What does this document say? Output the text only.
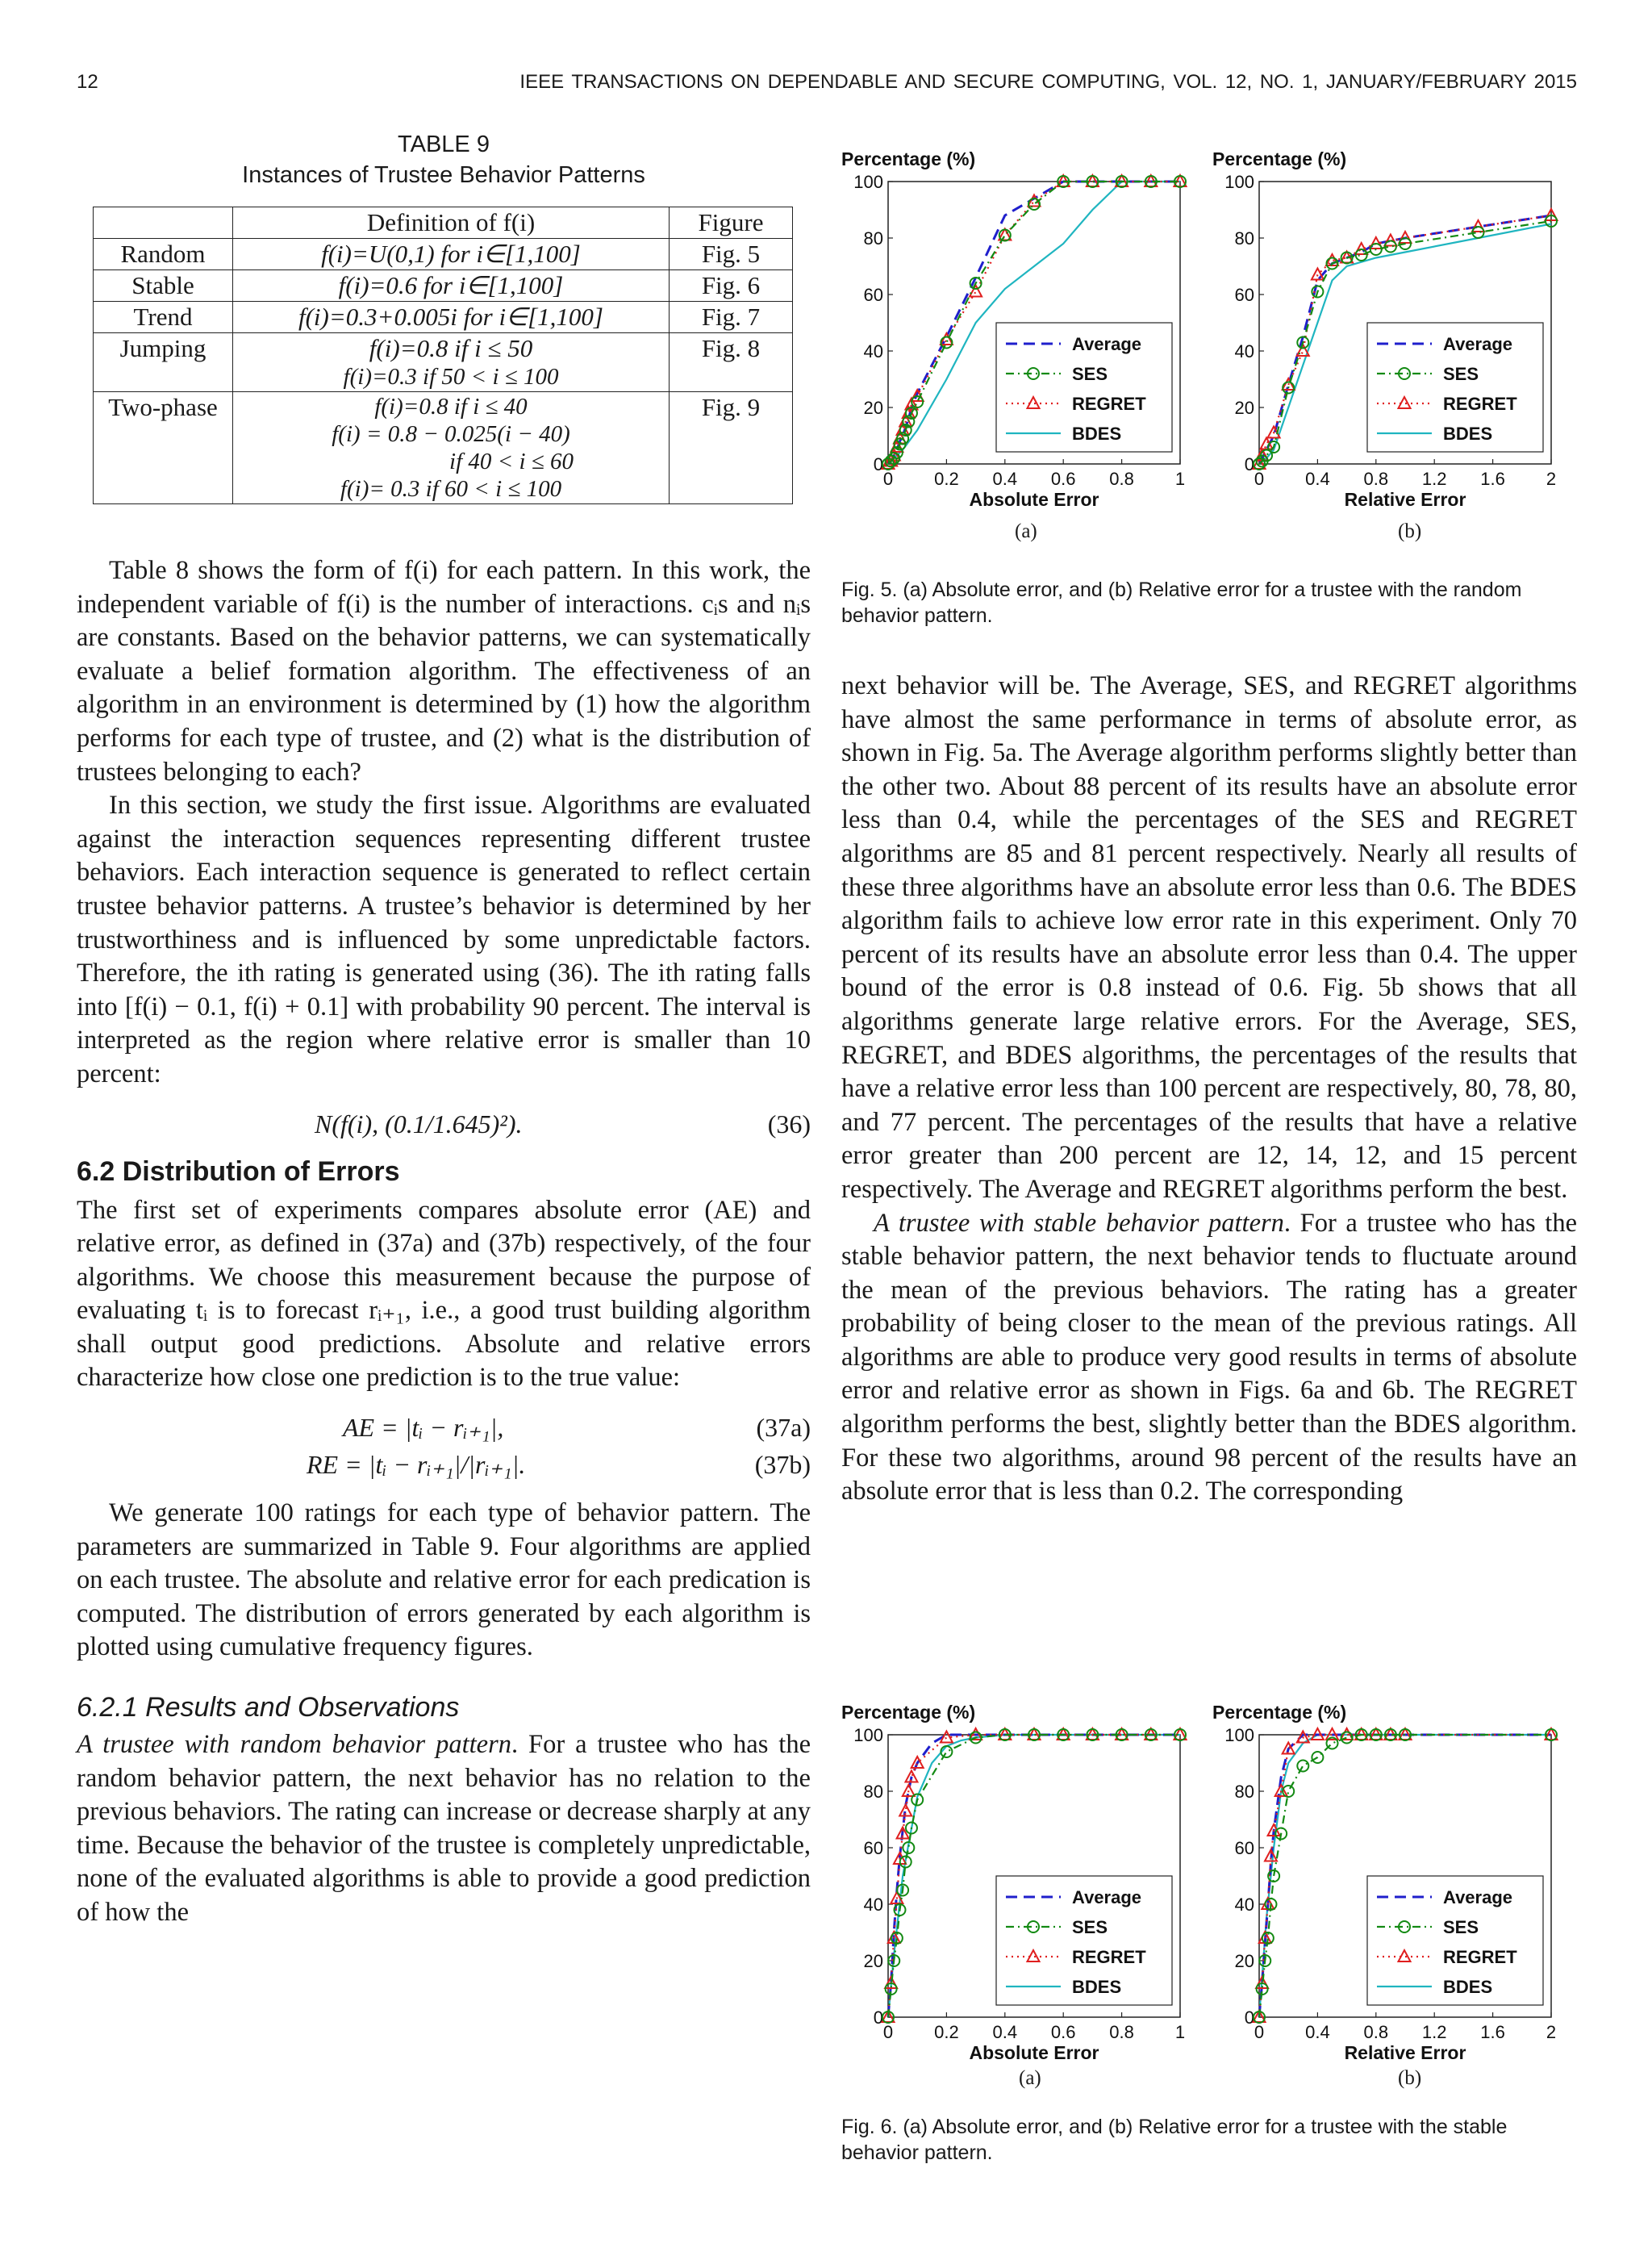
12	IEEE TRANSACTIONS ON DEPENDABLE AND SECURE COMPUTING, VOL. 12, NO. 1, JANUARY/FEBRUARY 2015
TABLE 9
Instances of Trustee Behavior Patterns
	Definition of f(i)	Figure
Random	f(i)=U(0,1) for i∈[1,100]	Fig. 5
Stable	f(i)=0.6 for i∈[1,100]	Fig. 6
Trend	f(i)=0.3+0.005i for i∈[1,100]	Fig. 7
Jumping	f(i)=0.8 if i ≤ 50
f(i)=0.3 if 50 < i ≤ 100	Fig. 8
Two-phase	f(i)=0.8 if i ≤ 40
f(i) = 0.8 − 0.025(i − 40)
if 40 < i ≤ 60
f(i)= 0.3 if 60 < i ≤ 100	Fig. 9

Table 8 shows the form of f(i) for each pattern. In this work, the independent variable of f(i) is the number of interactions. cᵢs and nᵢs are constants. Based on the behavior patterns, we can systematically evaluate a belief formation algorithm. The effectiveness of an algorithm in an environment is determined by (1) how the algorithm performs for each type of trustee, and (2) what is the distribution of trustees belonging to each?

In this section, we study the first issue. Algorithms are evaluated against the interaction sequences representing different trustee behaviors. Each interaction sequence is generated to reflect certain trustee behavior patterns. A trustee’s behavior is determined by her trustworthiness and is influenced by some unpredictable factors. Therefore, the ith rating is generated using (36). The ith rating falls into [f(i) − 0.1, f(i) + 0.1] with probability 90 percent. The interval is interpreted as the region where relative error is smaller than 10 percent:

N(f(i), (0.1/1.645)²).	(36)
6.2 Distribution of Errors

The first set of experiments compares absolute error (AE) and relative error, as defined in (37a) and (37b) respectively, of the four algorithms. We choose this measurement because the purpose of evaluating tᵢ is to forecast rᵢ₊₁, i.e., a good trust building algorithm shall output good predictions. Absolute and relative errors characterize how close one prediction is to the true value:

AE = |tᵢ − rᵢ₊₁|,	(37a)
RE = |tᵢ − rᵢ₊₁|/|rᵢ₊₁|.	(37b)

We generate 100 ratings for each type of behavior pattern. The parameters are summarized in Table 9. Four algorithms are applied on each trustee. The absolute and relative error for each predication is computed. The distribution of errors generated by each algorithm is plotted using cumulative frequency figures.

6.2.1 Results and Observations

A trustee with random behavior pattern. For a trustee who has the random behavior pattern, the next behavior has no relation to the previous behaviors. The rating can increase or decrease sharply at any time. Because the behavior of the trustee is completely unpredictable, none of the evaluated algorithms is able to provide a good prediction of how the

Percentage (%)
0 0.2 0.4 0.6 0.8 1
0
20
40
60
80
100
Absolute Error
Average
SES
REGRET
BDES
Percentage (%)
0 0.4 0.8 1.2 1.6 2
0
20
40
60
80
100
Relative Error
Average
SES
REGRET
BDES
(a)	(b)
Fig. 5. (a) Absolute error, and (b) Relative error for a trustee with the random behavior pattern.

next behavior will be. The Average, SES, and REGRET algorithms have almost the same performance in terms of absolute error, as shown in Fig. 5a. The Average algorithm performs slightly better than the other two. About 88 percent of its results have an absolute error less than 0.4, while the percentages of the SES and REGRET algorithms are 85 and 81 percent respectively. Nearly all results of these three algorithms have an absolute error less than 0.6. The BDES algorithm fails to achieve low error rate in this experiment. Only 70 percent of its results have an absolute error less than 0.4. The upper bound of the error is 0.8 instead of 0.6. Fig. 5b shows that all algorithms generate large relative errors. For the Average, SES, REGRET, and BDES algorithms, the percentages of the results that have a relative error less than 100 percent are respectively, 80, 78, 80, and 77 percent. The percentages of the results that have a relative error greater than 200 percent are 12, 14, 12, and 15 percent respectively. The Average and REGRET algorithms perform the best.

A trustee with stable behavior pattern. For a trustee who has the stable behavior pattern, the next behavior tends to fluctuate around the mean of the previous behaviors. The rating has a greater probability of being closer to the mean of the previous ratings. All algorithms are able to produce very good results in terms of absolute error and relative error as shown in Figs. 6a and 6b. The REGRET algorithm performs the best, slightly better than the BDES algorithm. For these two algorithms, around 98 percent of the results have an absolute error that is less than 0.2. The corresponding

Percentage (%)
0 0.2 0.4 0.6 0.8 1
0
20
40
60
80
100
Absolute Error
Average
SES
REGRET
BDES
Percentage (%)
0 0.4 0.8 1.2 1.6 2
0
20
40
60
80
100
Relative Error
Average
SES
REGRET
BDES
(a)	(b)
Fig. 6. (a) Absolute error, and (b) Relative error for a trustee with the stable behavior pattern.
